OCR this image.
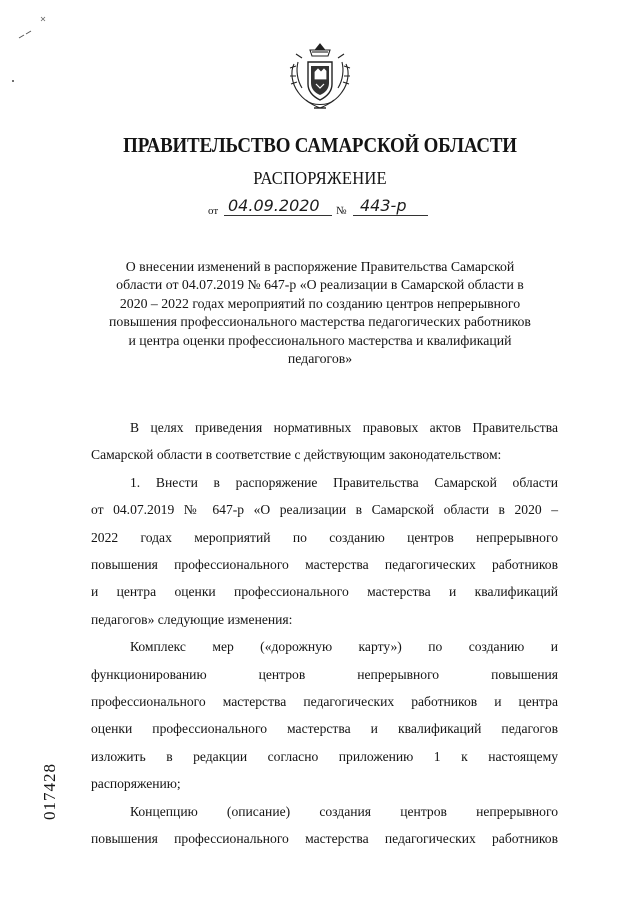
ПРАВИТЕЛЬСТВО САМАРСКОЙ ОБЛАСТИ
РАСПОРЯЖЕНИЕ
от 04.09.2020 № 443-р
О внесении изменений в распоряжение Правительства Самарской
области от 04.07.2019 № 647-р «О реализации в Самарской области в
2020 – 2022 годах мероприятий по созданию центров непрерывного
повышения профессионального мастерства педагогических работников
и центра оценки профессионального мастерства и квалификаций
педагогов»

В целях приведения нормативных правовых актов Правительства

Самарской области в соответствие с действующим законодательством:

1. Внести в распоряжение Правительства Самарской области

от 04.07.2019 № 647-р «О реализации в Самарской области в 2020 –

2022 годах мероприятий по созданию центров непрерывного

повышения профессионального мастерства педагогических работников

и центра оценки профессионального мастерства и квалификаций

педагогов» следующие изменения:

Комплекс мер («дорожную карту») по созданию и

функционированию центров непрерывного повышения

профессионального мастерства педагогических работников и центра

оценки профессионального мастерства и квалификаций педагогов

изложить в редакции согласно приложению 1 к настоящему

распоряжению;

Концепцию (описание) создания центров непрерывного

повышения профессионального мастерства педагогических работников

017428
